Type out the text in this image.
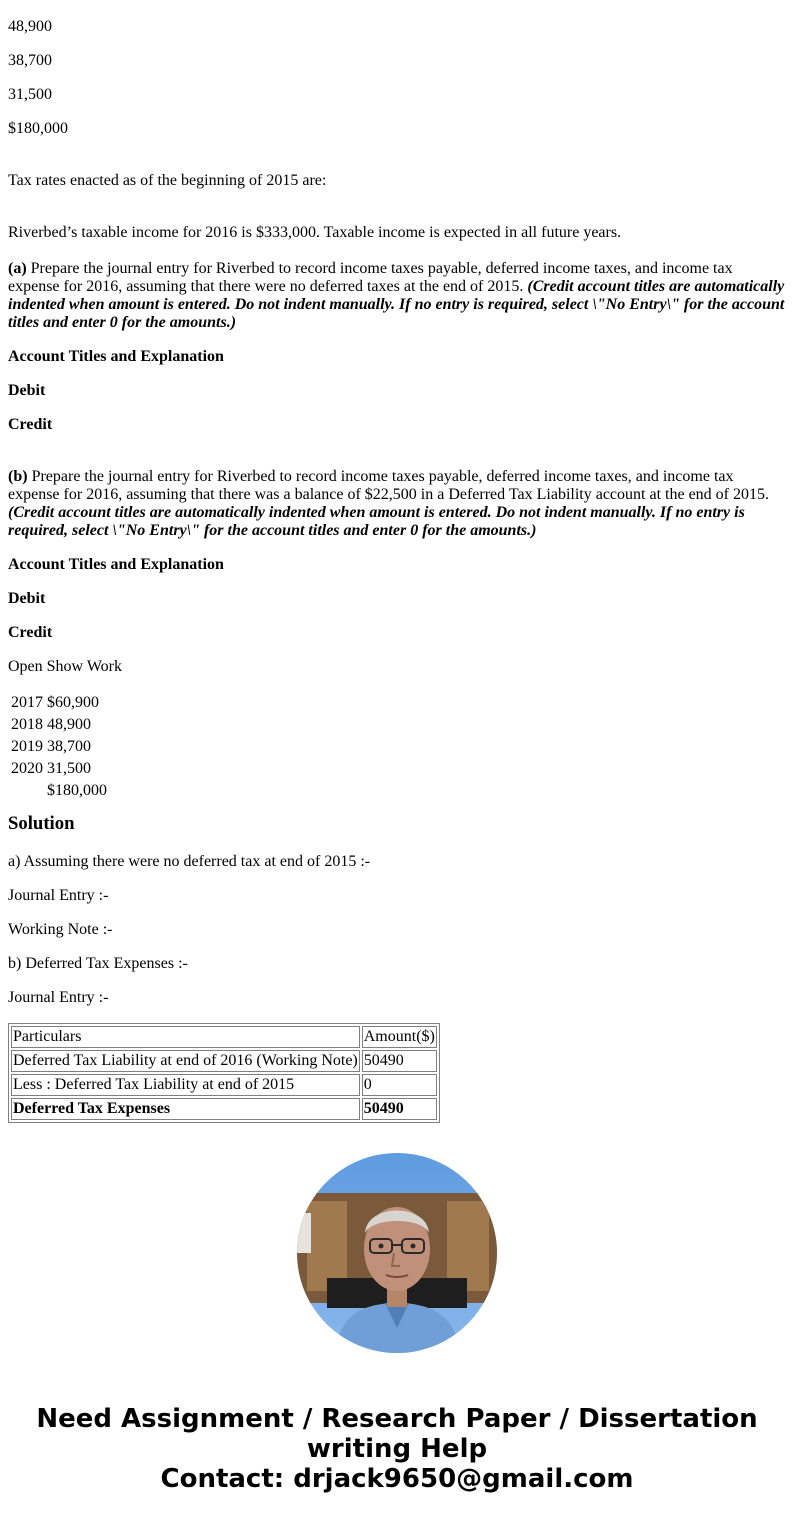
48,900

38,700

31,500

$180,000

Tax rates enacted as of the beginning of 2015 are:

Riverbed’s taxable income for 2016 is $333,000. Taxable income is expected in all future years.

(a) Prepare the journal entry for Riverbed to record income taxes payable, deferred income taxes, and income tax expense for 2016, assuming that there were no deferred taxes at the end of 2015. (Credit account titles are automatically indented when amount is entered. Do not indent manually. If no entry is required, select \"No Entry\" for the account titles and enter 0 for the amounts.)

Account Titles and Explanation

Debit

Credit

(b) Prepare the journal entry for Riverbed to record income taxes payable, deferred income taxes, and income tax expense for 2016, assuming that there was a balance of $22,500 in a Deferred Tax Liability account at the end of 2015. (Credit account titles are automatically indented when amount is entered. Do not indent manually. If no entry is required, select \"No Entry\" for the account titles and enter 0 for the amounts.)

Account Titles and Explanation

Debit

Credit

Open Show Work

2017	$60,900
2018	48,900
2019	38,700
2020	31,500
	$180,000
Solution

a) Assuming there were no deferred tax at end of 2015 :-

Journal Entry :-

Working Note :-

b) Deferred Tax Expenses :-

Journal Entry :-

Particulars	Amount($)
Deferred Tax Liability at end of 2016 (Working Note)	50490
Less : Deferred Tax Liability at end of 2015	0
Deferred Tax Expenses	50490
Need Assignment / Research Paper / Dissertation
writing Help
Contact: drjack9650@gmail.com
